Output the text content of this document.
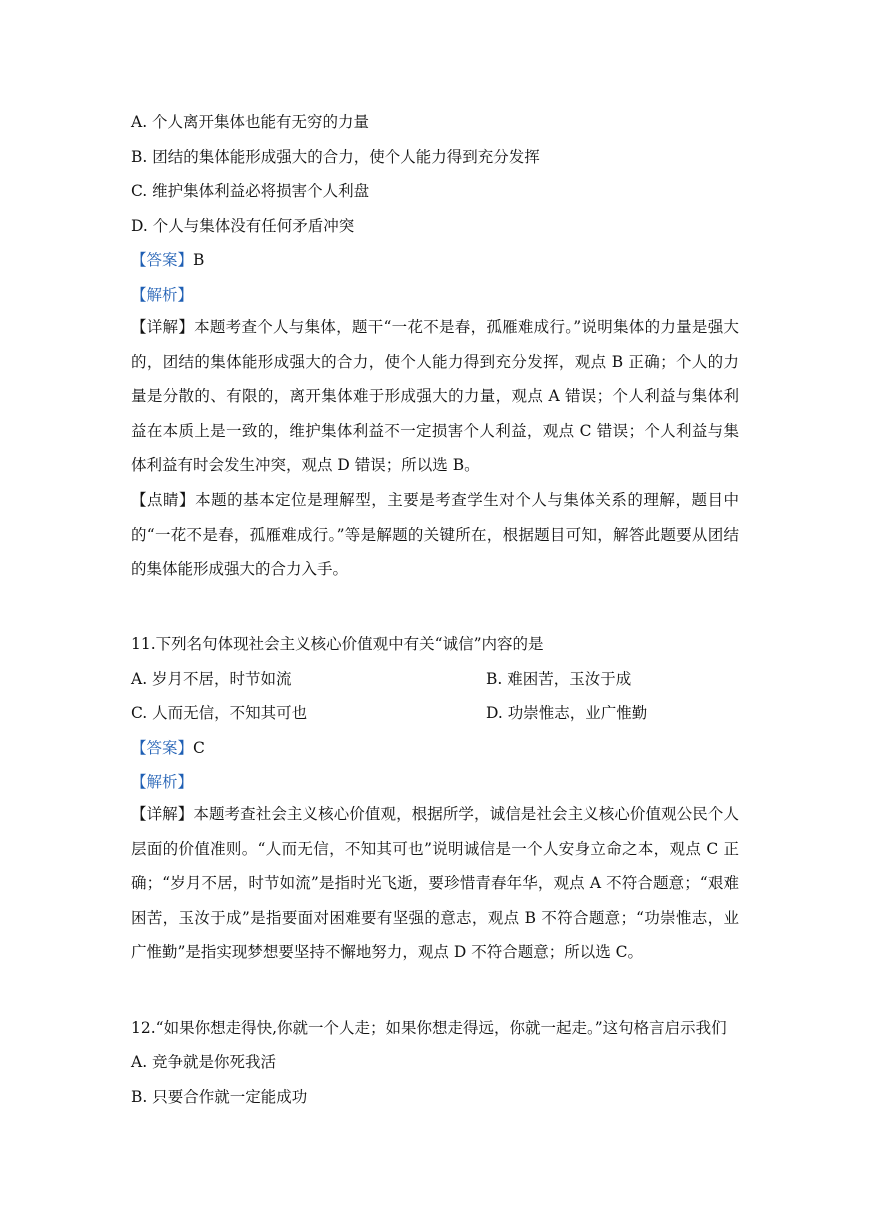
A. 个人离开集体也能有无穷的力量
B. 团结的集体能形成强大的合力，使个人能力得到充分发挥
C. 维护集体利益必将损害个人利盘
D. 个人与集体没有任何矛盾冲突
【答案】B
【解析】
【详解】本题考查个人与集体，题干“一花不是春，孤雁难成行。”说明集体的力量是强大的，团结的集体能形成强大的合力，使个人能力得到充分发挥，观点 B 正确；个人的力量是分散的、有限的，离开集体难于形成强大的力量，观点 A 错误；个人利益与集体利益在本质上是一致的，维护集体利益不一定损害个人利益，观点 C 错误；个人利益与集体利益有时会发生冲突，观点 D 错误；所以选 B。
【点睛】本题的基本定位是理解型，主要是考查学生对个人与集体关系的理解，题目中的“一花不是春，孤雁难成行。”等是解题的关键所在，根据题目可知，解答此题要从团结的集体能形成强大的合力入手。
11.下列名句体现社会主义核心价值观中有关“诚信”内容的是
A. 岁月不居，时节如流	B. 难困苦，玉汝于成
C. 人而无信，不知其可也	D. 功崇惟志，业广惟勤
【答案】C
【解析】
【详解】本题考查社会主义核心价值观，根据所学，诚信是社会主义核心价值观公民个人层面的价值准则。“人而无信，不知其可也”说明诚信是一个人安身立命之本，观点 C 正确；“岁月不居，时节如流”是指时光飞逝，要珍惜青春年华，观点 A 不符合题意；“艰难困苦，玉汝于成”是指要面对困难要有坚强的意志，观点 B 不符合题意；“功崇惟志，业广惟勤”是指实现梦想要坚持不懈地努力，观点 D 不符合题意；所以选 C。
12.“如果你想走得快,你就一个人走；如果你想走得远，你就一起走。”这句格言启示我们
A. 竞争就是你死我活
B. 只要合作就一定能成功
